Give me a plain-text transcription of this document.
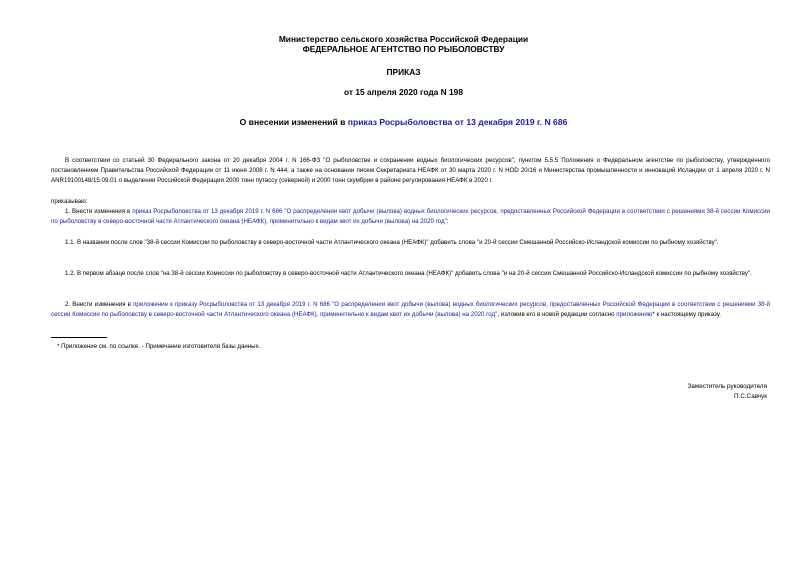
Министерство сельского хозяйства Российской Федерации
ФЕДЕРАЛЬНОЕ АГЕНТСТВО ПО РЫБОЛОВСТВУ
ПРИКАЗ
от 15 апреля 2020 года N 198
О внесении изменений в приказ Росрыболовства от 13 декабря 2019 г. N 686
В соответствии со статьей 30 Федерального закона от 20 декабря 2004 г. N 166-ФЗ "О рыболовстве и сохранении водных биологических ресурсов", пунктом 5.5.5 Положения о Федеральном агентстве по рыболовству, утвержденного постановлением Правительства Российской Федерации от 11 июня 2008 г. N 444, а также на основании писем Секретариата НЕАФК от 30 марта 2020 г. N HOD 20/16 и Министерства промышленности и инноваций Исландии от 1 апреля 2020 г. N ANR19100148/15.09.01 о выделении Российской Федерации 2000 тонн путассу (северной) и 2000 тонн скумбрии в районе регулирования НЕАФК в 2020 г.
приказываю:
1. Внести изменения в приказ Росрыболовства от 13 декабря 2019 г. N 686 "О распределении квот добычи (вылова) водных биологических ресурсов, предоставленных Российской Федерации в соответствии с решениями 38-й сессии Комиссии по рыболовству в северо-восточной части Атлантического океана (НЕАФК), применительно к видам квот их добычи (вылова) на 2020 год":
1.1. В названии после слов "38-й сессии Комиссии по рыболовству в северо-восточной части Атлантического океана (НЕАФК)" добавить слова "и 20-й сессии Смешанной Российско-Исландской комиссии по рыбному хозяйству".
1.2. В первом абзаце после слов "на 38-й сессии Комиссии по рыболовству в северо-восточной части Атлантического океана (НЕАФК)" добавить слова "и на 20-й сессии Смешанной Российско-Исландской комиссии по рыбному хозяйству".
2. Внести изменения в приложение к приказу Росрыболовства от 13 декабря 2019 г. N 686 "О распределении квот добычи (вылова) водных биологических ресурсов, предоставленных Российской Федерации в соответствии с решениями 38-й сессии Комиссии по рыболовству в северо-восточной части Атлантического океана (НЕАФК), применительно к видам квот их добычи (вылова) на 2020 год", изложив его в новой редакции согласно приложению* к настоящему приказу.
* Приложение см. по ссылке. - Примечание изготовителя базы данных.
Заместитель руководителя
П.С.Савчук
